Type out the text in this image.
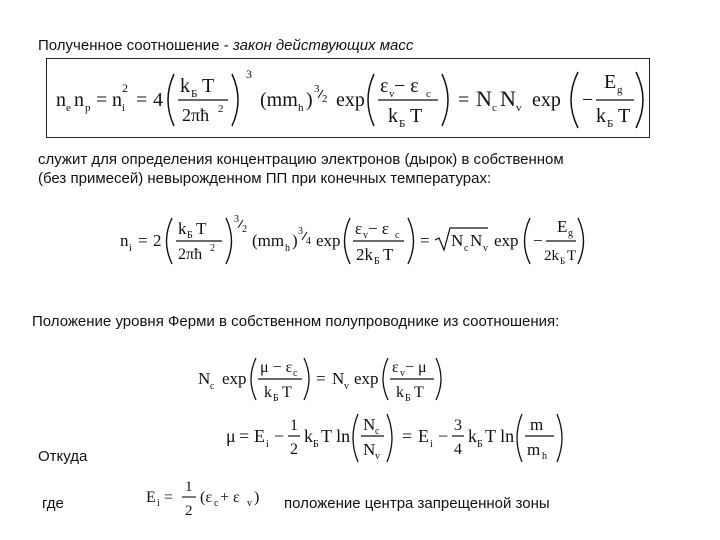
Полученное соотношение - закон действующих масс
n e n p = n i
2
= 4
k Б T
2πħ 2
3
(mm h ) 3
2 exp
ε v − ε c
k Б T
= N c N v exp −
E g
k Б T
служит для определения концентрацию электронов (дырок) в собственном
(без примесей) невырожденном ПП при конечных температурах:
n i = 2
k Б T
2πħ 2
3
2
(mm h ) 3
4 exp
ε v − ε c
2k Б T
= N c N v exp −
E g
2k Б T
Положение уровня Ферми в собственном полупроводнике из соотношения:
N c exp
μ − ε c
k Б T
= N v exp
ε v − μ
k Б T
μ = E i −
1
2
k Б T ln
N c
N v
= E i −
3
4
k Б T ln
m
m h
Откуда
где	E i =
1
2
(ε c + ε v ) положение центра запрещенной зоны
